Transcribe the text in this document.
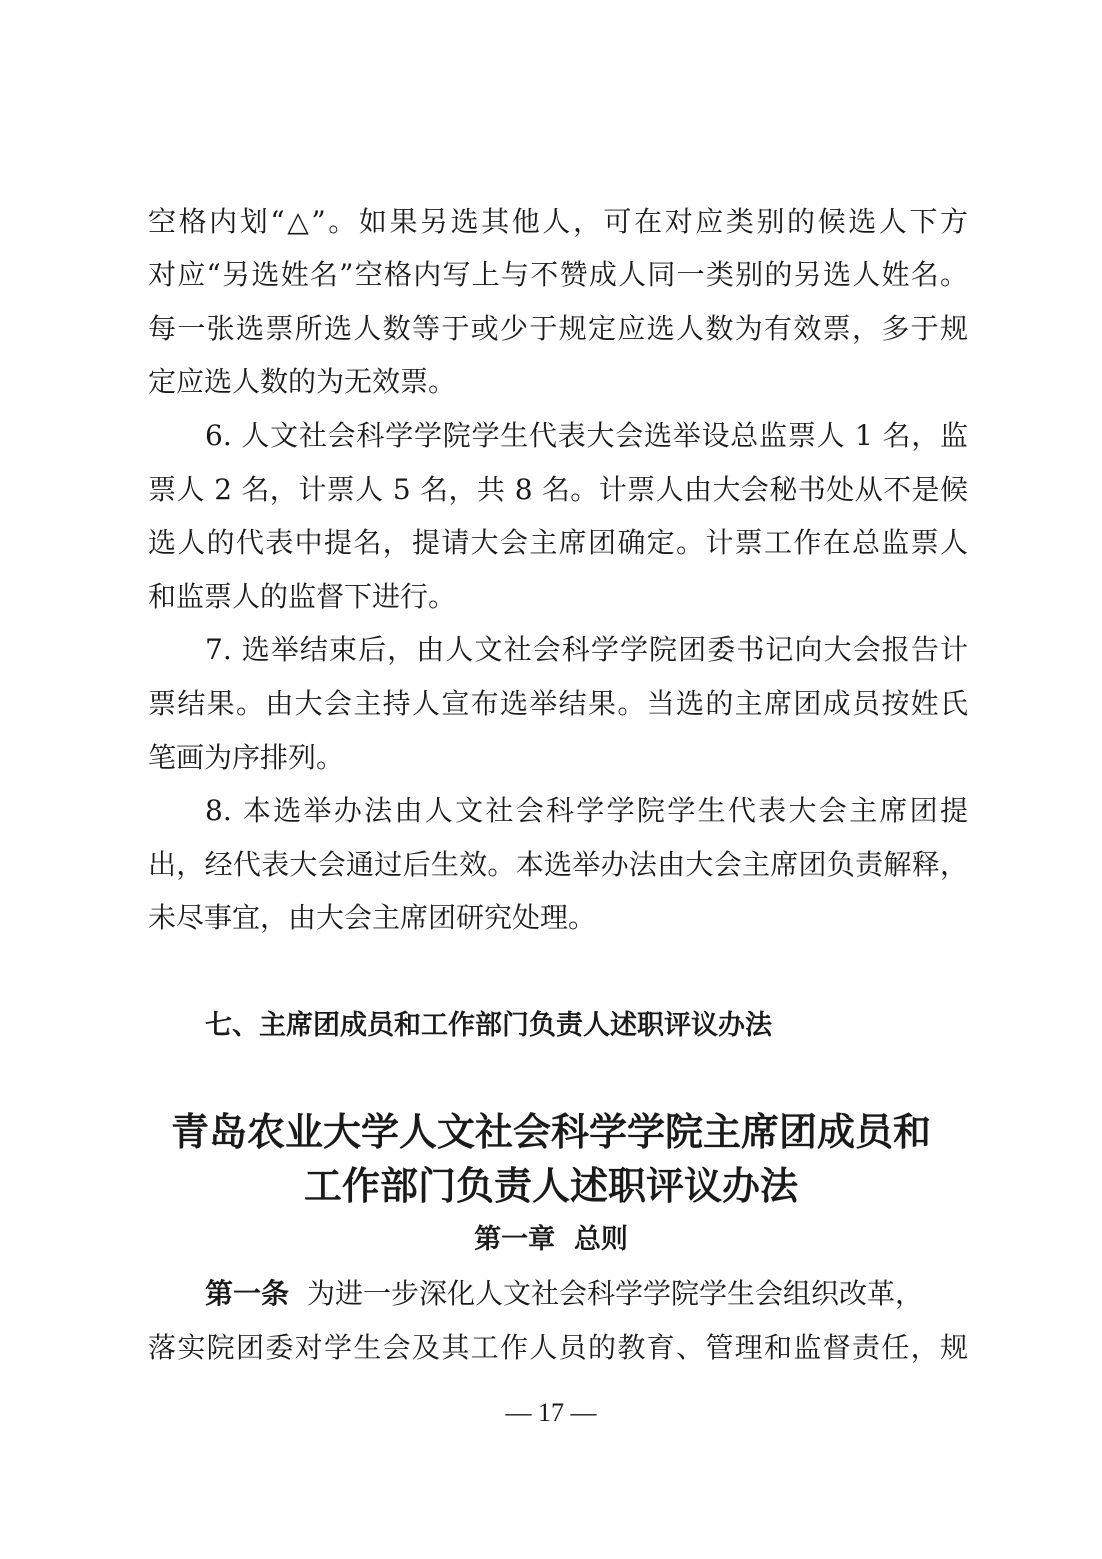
空格内划“△”。如果另选其他人，可在对应类别的候选人下方
对应“另选姓名”空格内写上与不赞成人同一类别的另选人姓名。
每一张选票所选人数等于或少于规定应选人数为有效票，多于规
定应选人数的为无效票。
6. 人文社会科学学院学生代表大会选举设总监票人 1 名，监
票人 2 名，计票人 5 名，共 8 名。计票人由大会秘书处从不是候
选人的代表中提名，提请大会主席团确定。计票工作在总监票人
和监票人的监督下进行。
7. 选举结束后，由人文社会科学学院团委书记向大会报告计
票结果。由大会主持人宣布选举结果。当选的主席团成员按姓氏
笔画为序排列。
8. 本选举办法由人文社会科学学院学生代表大会主席团提
出，经代表大会通过后生效。本选举办法由大会主席团负责解释，
未尽事宜，由大会主席团研究处理。
七、主席团成员和工作部门负责人述职评议办法
青岛农业大学人文社会科学学院主席团成员和
工作部门负责人述职评议办法
第一章  总则
第一条 为进一步深化人文社会科学学院学生会组织改革，
落实院团委对学生会及其工作人员的教育、管理和监督责任，规
— 17 —
